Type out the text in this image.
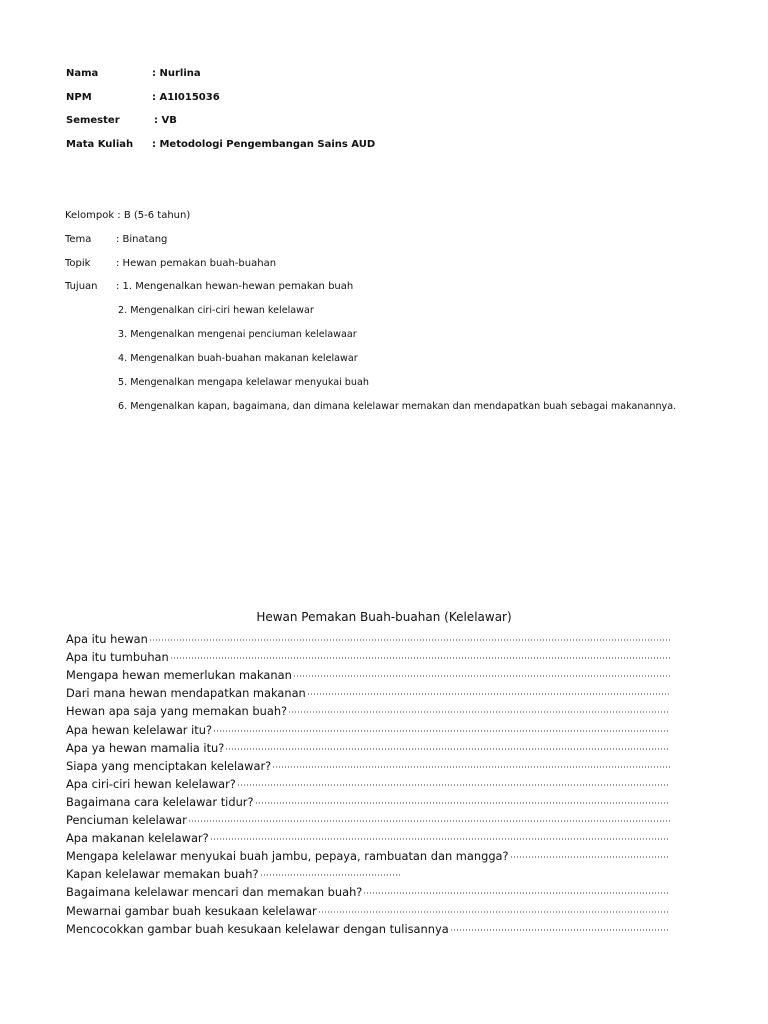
Nama	: Nurlina
NPM	: A1I015036
Semester	: VB
Mata Kuliah : Metodologi Pengembangan Sains AUD
Kelompok : B (5-6 tahun)
Tema : Binatang
Topik	: Hewan pemakan buah-buahan
Tujuan : 1. Mengenalkan hewan-hewan pemakan buah
2. Mengenalkan ciri-ciri hewan kelelawar
3. Mengenalkan mengenai penciuman kelelawaar
4. Mengenalkan buah-buahan makanan kelelawar
5. Mengenalkan mengapa kelelawar menyukai buah
6. Mengenalkan kapan, bagaimana, dan dimana kelelawar memakan dan mendapatkan buah sebagai makanannya.
Hewan Pemakan Buah-buahan (Kelelawar)
Apa itu hewan
Apa itu tumbuhan
Mengapa hewan memerlukan makanan
Dari mana hewan mendapatkan makanan
Hewan apa saja yang memakan buah?
Apa hewan kelelawar itu?
Apa ya hewan mamalia itu?
Siapa yang menciptakan kelelawar?
Apa ciri-ciri hewan kelelawar?
Bagaimana cara kelelawar tidur?
Penciuman kelelawar
Apa makanan kelelawar?
Mengapa kelelawar menyukai buah jambu, pepaya, rambuatan dan mangga?
Kapan kelelawar memakan buah?
Bagaimana kelelawar mencari dan memakan buah?
Mewarnai gambar buah kesukaan kelelawar
Mencocokkan gambar buah kesukaan kelelawar dengan tulisannya
